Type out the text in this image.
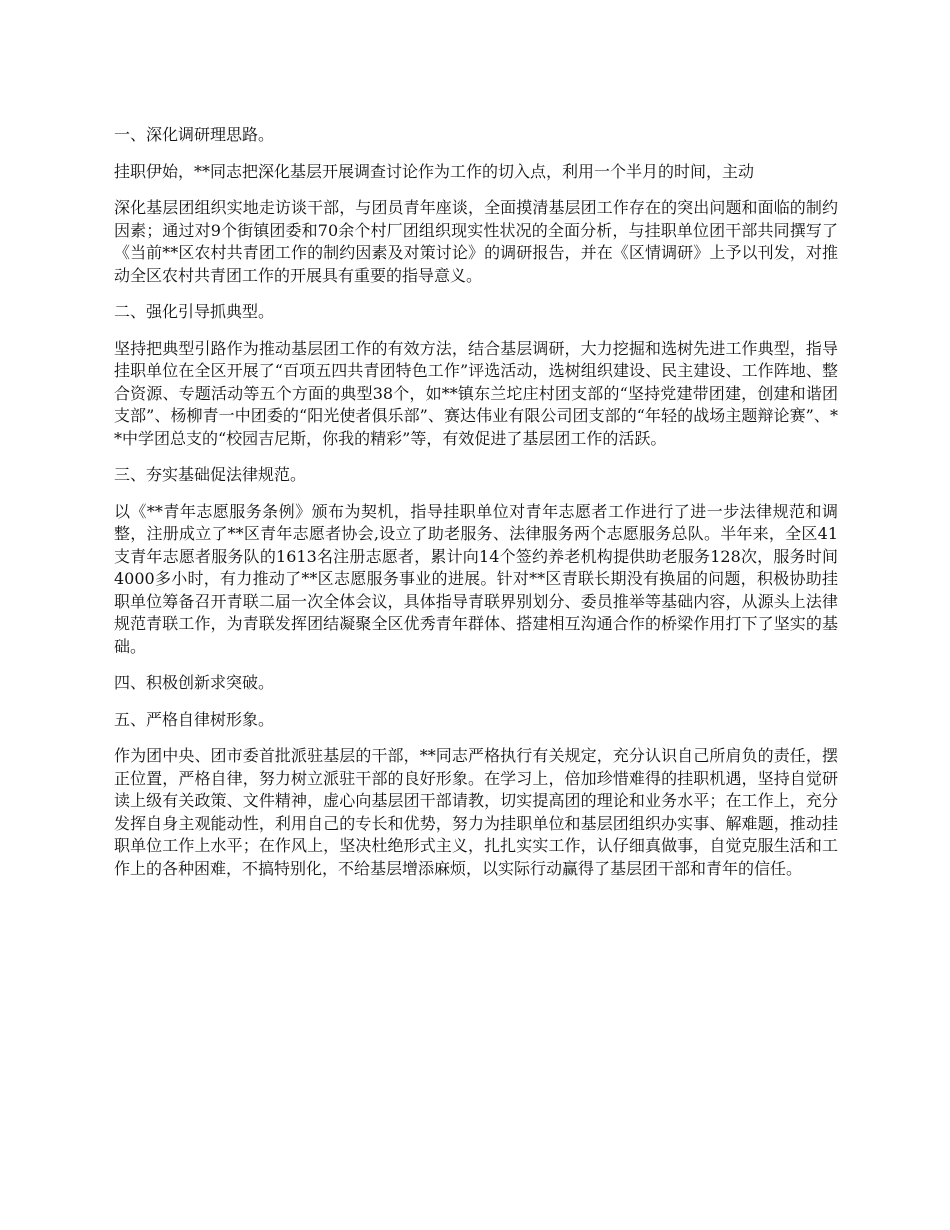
一、深化调研理思路。

挂职伊始，**同志把深化基层开展调查讨论作为工作的切入点，利用一个半月的时间，主动

深化基层团组织实地走访谈干部，与团员青年座谈，全面摸清基层团工作存在的突出问题和面临的制约因素；通过对9个街镇团委和70余个村厂团组织现实性状况的全面分析，与挂职单位团干部共同撰写了《当前**区农村共青团工作的制约因素及对策讨论》的调研报告，并在《区情调研》上予以刊发，对推动全区农村共青团工作的开展具有重要的指导意义。

二、强化引导抓典型。

坚持把典型引路作为推动基层团工作的有效方法，结合基层调研，大力挖掘和选树先进工作典型，指导挂职单位在全区开展了“百项五四共青团特色工作”评选活动，选树组织建设、民主建设、工作阵地、整合资源、专题活动等五个方面的典型38个，如**镇东兰坨庄村团支部的“坚持党建带团建，创建和谐团支部”、杨柳青一中团委的“阳光使者俱乐部”、赛达伟业有限公司团支部的“年轻的战场主题辩论赛”、**中学团总支的“校园吉尼斯，你我的精彩”等，有效促进了基层团工作的活跃。

三、夯实基础促法律规范。

以《**青年志愿服务条例》颁布为契机，指导挂职单位对青年志愿者工作进行了进一步法律规范和调整，注册成立了**区青年志愿者协会,设立了助老服务、法律服务两个志愿服务总队。半年来，全区41支青年志愿者服务队的1613名注册志愿者，累计向14个签约养老机构提供助老服务128次，服务时间4000多小时，有力推动了**区志愿服务事业的进展。针对**区青联长期没有换届的问题，积极协助挂职单位筹备召开青联二届一次全体会议，具体指导青联界别划分、委员推举等基础内容，从源头上法律规范青联工作，为青联发挥团结凝聚全区优秀青年群体、搭建相互沟通合作的桥梁作用打下了坚实的基础。

四、积极创新求突破。

五、严格自律树形象。

作为团中央、团市委首批派驻基层的干部，**同志严格执行有关规定，充分认识自己所肩负的责任，摆正位置，严格自律，努力树立派驻干部的良好形象。在学习上，倍加珍惜难得的挂职机遇，坚持自觉研读上级有关政策、文件精神，虚心向基层团干部请教，切实提高团的理论和业务水平；在工作上，充分发挥自身主观能动性，利用自己的专长和优势，努力为挂职单位和基层团组织办实事、解难题，推动挂职单位工作上水平；在作风上，坚决杜绝形式主义，扎扎实实工作，认仔细真做事，自觉克服生活和工作上的各种困难，不搞特别化，不给基层增添麻烦，以实际行动赢得了基层团干部和青年的信任。
